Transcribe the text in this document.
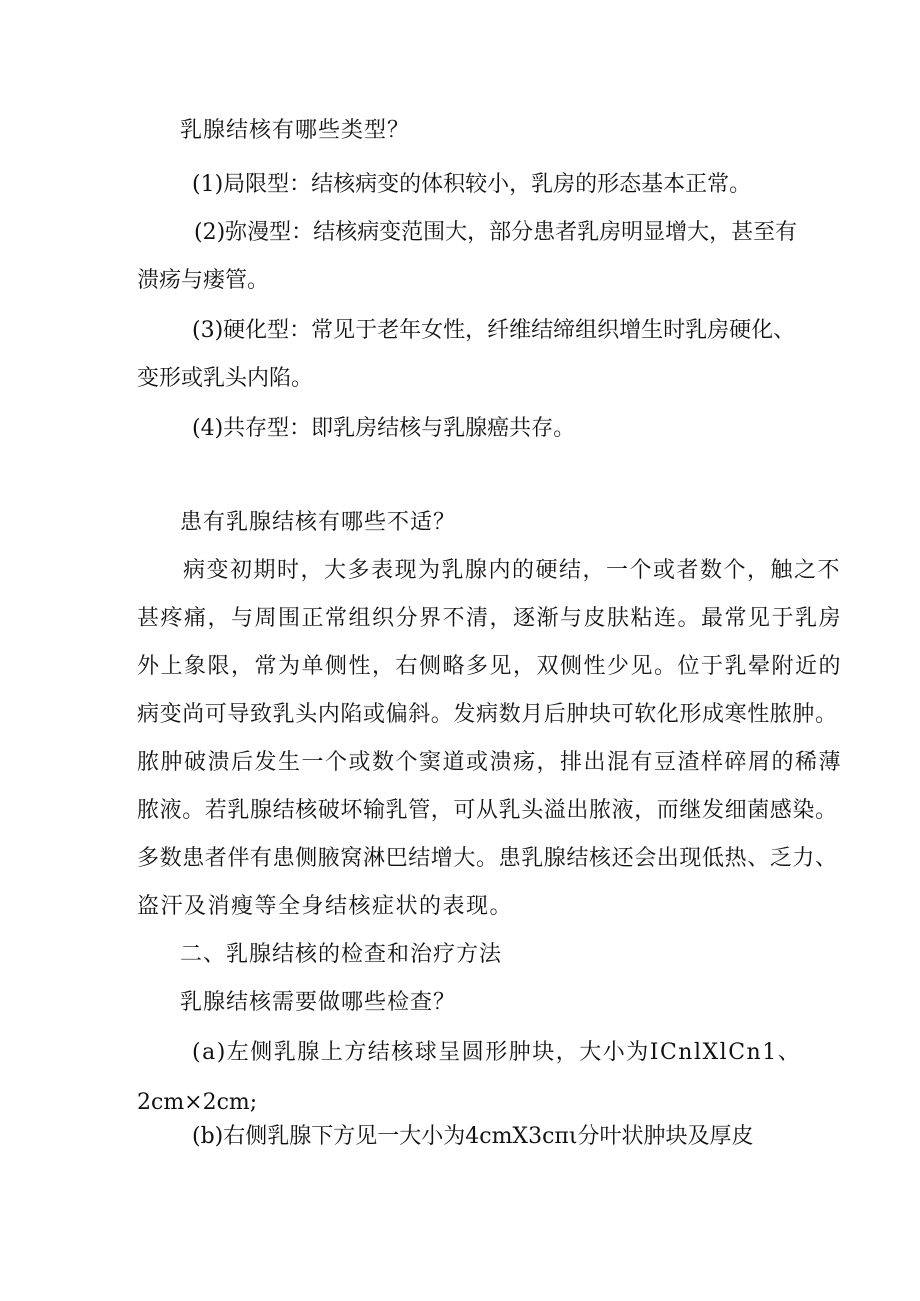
乳腺结核有哪些类型？

(1)局限型：结核病变的体积较小，乳房的形态基本正常。

(2)弥漫型：结核病变范围大，部分患者乳房明显增大，甚至有

溃疡与瘘管。

(3)硬化型：常见于老年女性，纤维结缔组织增生时乳房硬化、

变形或乳头内陷。

(4)共存型：即乳房结核与乳腺癌共存。

患有乳腺结核有哪些不适？

病变初期时，大多表现为乳腺内的硬结，一个或者数个，触之不

甚疼痛，与周围正常组织分界不清，逐渐与皮肤粘连。最常见于乳房

外上象限，常为单侧性，右侧略多见，双侧性少见。位于乳晕附近的

病变尚可导致乳头内陷或偏斜。发病数月后肿块可软化形成寒性脓肿。

脓肿破溃后发生一个或数个窦道或溃疡，排出混有豆渣样碎屑的稀薄

脓液。若乳腺结核破坏输乳管，可从乳头溢出脓液，而继发细菌感染。

多数患者伴有患侧腋窝淋巴结增大。患乳腺结核还会出现低热、乏力、

盗汗及消瘦等全身结核症状的表现。

二、乳腺结核的检查和治疗方法

乳腺结核需要做哪些检查？

(a)左侧乳腺上方结核球呈圆形肿块，大小为ICnlXlCn1、

2cm×2cm;

(b)右侧乳腺下方见一大小为4cmX3cπι分叶状肿块及厚皮
